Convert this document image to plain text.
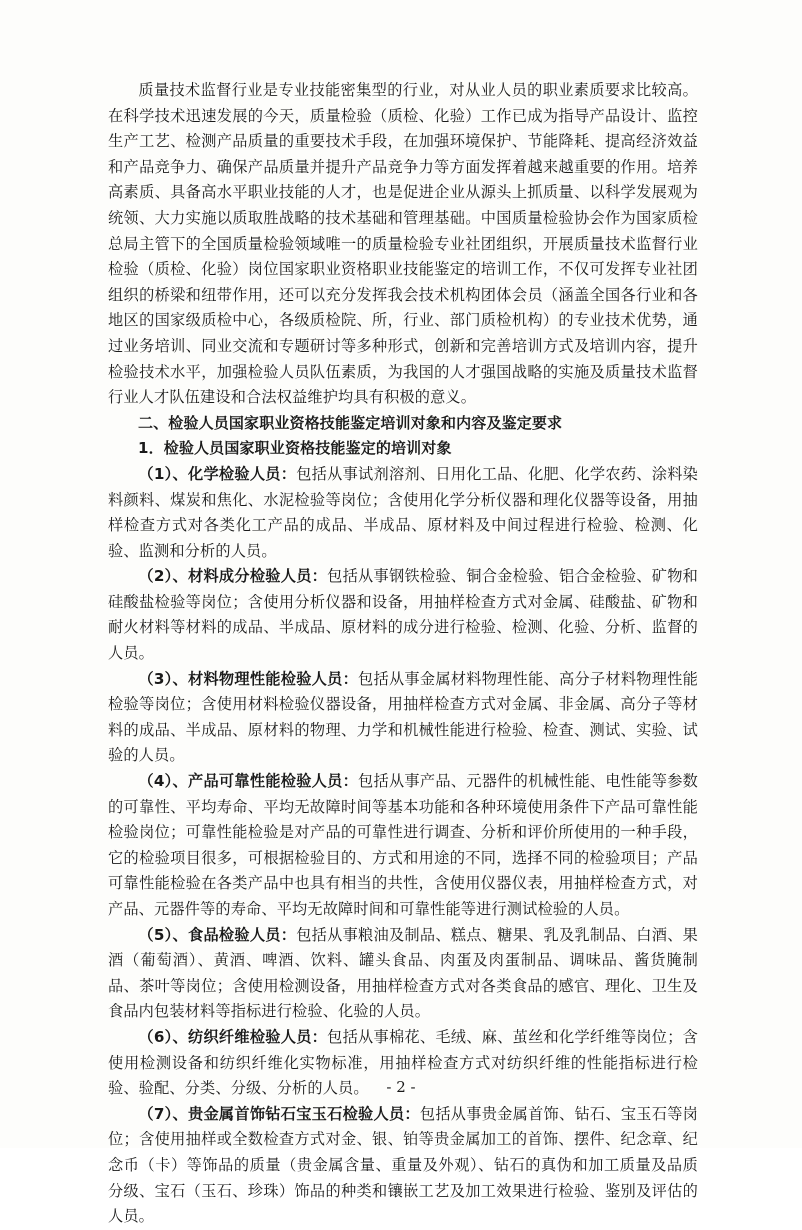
质量技术监督行业是专业技能密集型的行业，对从业人员的职业素质要求比较高。在科学技术迅速发展的今天，质量检验（质检、化验）工作已成为指导产品设计、监控生产工艺、检测产品质量的重要技术手段，在加强环境保护、节能降耗、提高经济效益和产品竞争力、确保产品质量并提升产品竞争力等方面发挥着越来越重要的作用。培养高素质、具备高水平职业技能的人才，也是促进企业从源头上抓质量、以科学发展观为统领、大力实施以质取胜战略的技术基础和管理基础。中国质量检验协会作为国家质检总局主管下的全国质量检验领域唯一的质量检验专业社团组织，开展质量技术监督行业检验（质检、化验）岗位国家职业资格职业技能鉴定的培训工作，不仅可发挥专业社团组织的桥梁和纽带作用，还可以充分发挥我会技术机构团体会员（涵盖全国各行业和各地区的国家级质检中心，各级质检院、所，行业、部门质检机构）的专业技术优势，通过业务培训、同业交流和专题研讨等多种形式，创新和完善培训方式及培训内容，提升检验技术水平，加强检验人员队伍素质，为我国的人才强国战略的实施及质量技术监督行业人才队伍建设和合法权益维护均具有积极的意义。

二、检验人员国家职业资格技能鉴定培训对象和内容及鉴定要求

1．检验人员国家职业资格技能鉴定的培训对象

（1）、化学检验人员：包括从事试剂溶剂、日用化工品、化肥、化学农药、涂料染料颜料、煤炭和焦化、水泥检验等岗位；含使用化学分析仪器和理化仪器等设备，用抽样检查方式对各类化工产品的成品、半成品、原材料及中间过程进行检验、检测、化验、监测和分析的人员。

（2）、材料成分检验人员：包括从事钢铁检验、铜合金检验、铝合金检验、矿物和硅酸盐检验等岗位；含使用分析仪器和设备，用抽样检查方式对金属、硅酸盐、矿物和耐火材料等材料的成品、半成品、原材料的成分进行检验、检测、化验、分析、监督的人员。

（3）、材料物理性能检验人员：包括从事金属材料物理性能、高分子材料物理性能检验等岗位；含使用材料检验仪器设备，用抽样检查方式对金属、非金属、高分子等材料的成品、半成品、原材料的物理、力学和机械性能进行检验、检查、测试、实验、试验的人员。

（4）、产品可靠性能检验人员：包括从事产品、元器件的机械性能、电性能等参数的可靠性、平均寿命、平均无故障时间等基本功能和各种环境使用条件下产品可靠性能检验岗位；可靠性能检验是对产品的可靠性进行调查、分析和评价所使用的一种手段，它的检验项目很多，可根据检验目的、方式和用途的不同，选择不同的检验项目；产品可靠性能检验在各类产品中也具有相当的共性，含使用仪器仪表，用抽样检查方式，对产品、元器件等的寿命、平均无故障时间和可靠性能等进行测试检验的人员。

（5）、食品检验人员：包括从事粮油及制品、糕点、糖果、乳及乳制品、白酒、果酒（葡萄酒）、黄酒、啤酒、饮料、罐头食品、肉蛋及肉蛋制品、调味品、酱货腌制品、茶叶等岗位；含使用检测设备，用抽样检查方式对各类食品的感官、理化、卫生及食品内包装材料等指标进行检验、化验的人员。

（6）、纺织纤维检验人员：包括从事棉花、毛绒、麻、茧丝和化学纤维等岗位；含使用检测设备和纺织纤维化实物标准，用抽样检查方式对纺织纤维的性能指标进行检验、验配、分类、分级、分析的人员。

（7）、贵金属首饰钻石宝玉石检验人员：包括从事贵金属首饰、钻石、宝玉石等岗位；含使用抽样或全数检查方式对金、银、铂等贵金属加工的首饰、摆件、纪念章、纪念币（卡）等饰品的质量（贵金属含量、重量及外观）、钻石的真伪和加工质量及品质分级、宝石（玉石、珍珠）饰品的种类和镶嵌工艺及加工效果进行检验、鉴别及评估的人员。

- 2 -
